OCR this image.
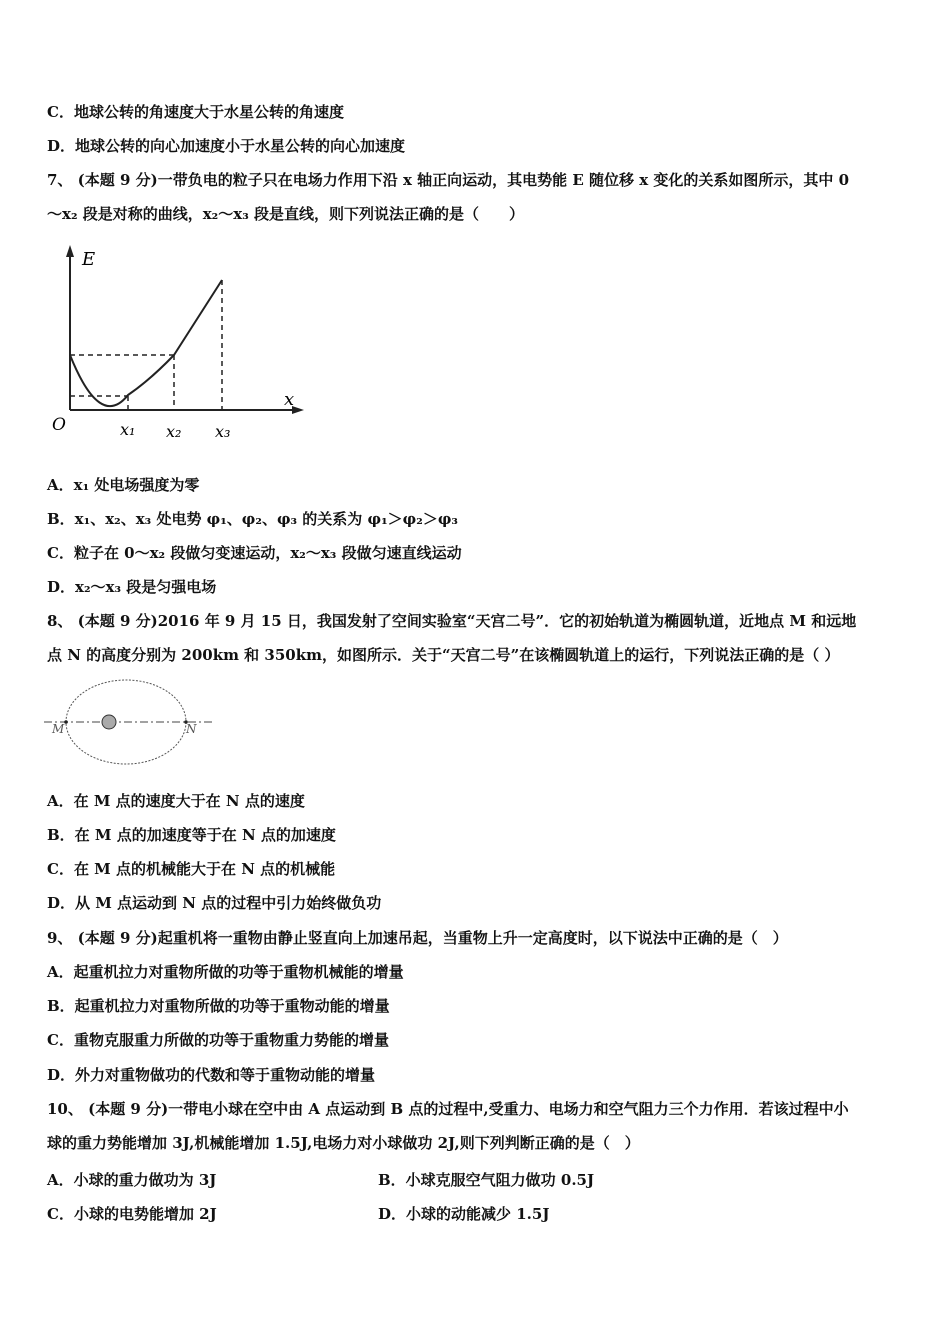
C．地球公转的角速度大于水星公转的角速度
D．地球公转的向心加速度小于水星公转的向心加速度
7、 (本题 9 分)一带负电的粒子只在电场力作用下沿 x 轴正向运动，其电势能 E 随位移 x 变化的关系如图所示，其中 0
～x₂ 段是对称的曲线，x₂～x₃ 段是直线，则下列说法正确的是（　　）
E
x
O	x₁ x₂ x₃
A．x₁ 处电场强度为零
B．x₁、x₂、x₃ 处电势 φ₁、φ₂、φ₃ 的关系为 φ₁＞φ₂＞φ₃
C．粒子在 0～x₂ 段做匀变速运动，x₂～x₃ 段做匀速直线运动
D．x₂～x₃ 段是匀强电场
8、 (本题 9 分)2016 年 9 月 15 日，我国发射了空间实验室“天宫二号”．它的初始轨道为椭圆轨道，近地点 M 和远地
点 N 的高度分别为 200km 和 350km，如图所示．关于“天宫二号”在该椭圆轨道上的运行，下列说法正确的是（ ）
M	N
A．在 M 点的速度大于在 N 点的速度
B．在 M 点的加速度等于在 N 点的加速度
C．在 M 点的机械能大于在 N 点的机械能
D．从 M 点运动到 N 点的过程中引力始终做负功
9、 (本题 9 分)起重机将一重物由静止竖直向上加速吊起，当重物上升一定高度时，以下说法中正确的是（　）
A．起重机拉力对重物所做的功等于重物机械能的增量
B．起重机拉力对重物所做的功等于重物动能的增量
C．重物克服重力所做的功等于重物重力势能的增量
D．外力对重物做功的代数和等于重物动能的增量
10、 (本题 9 分)一带电小球在空中由 A 点运动到 B 点的过程中,受重力、电场力和空气阻力三个力作用．若该过程中小
球的重力势能增加 3J,机械能增加 1.5J,电场力对小球做功 2J,则下列判断正确的是（　）
A．小球的重力做功为 3J	B．小球克服空气阻力做功 0.5J
C．小球的电势能增加 2J	D．小球的动能减少 1.5J
